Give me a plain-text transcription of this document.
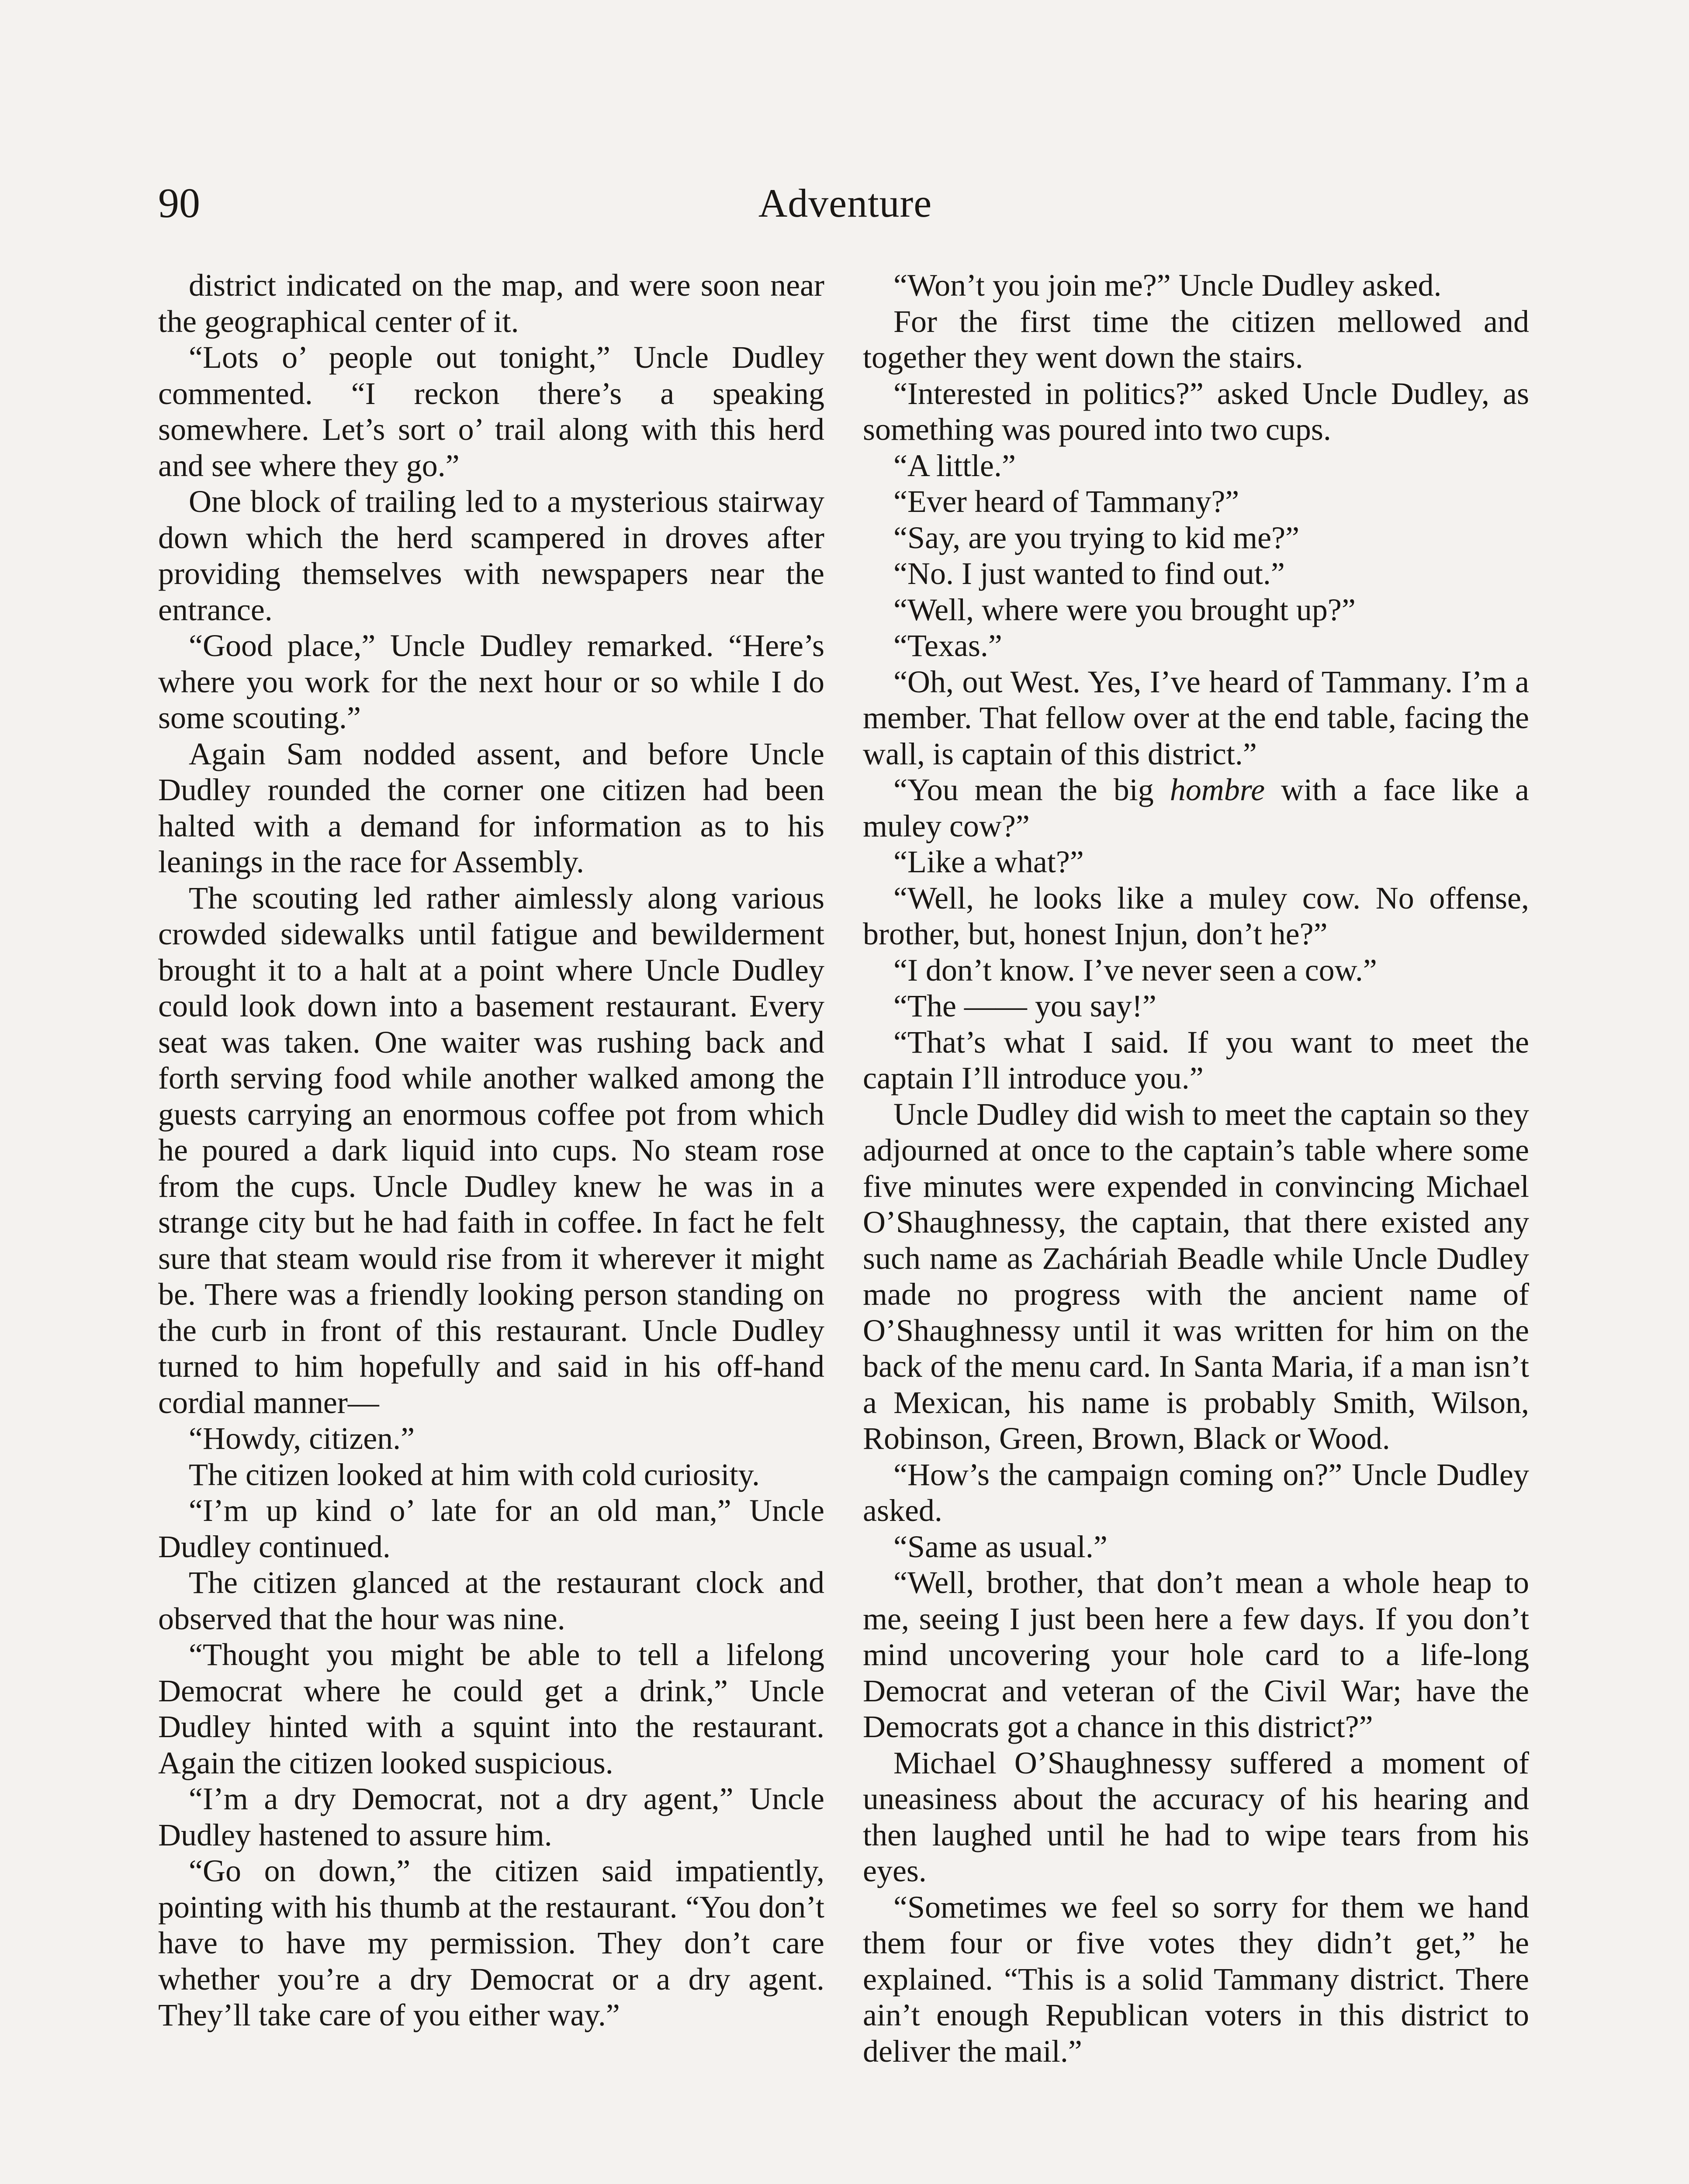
90	Adventure

district indicated on the map, and were soon near the geographical center of it.

“Lots o’ people out tonight,” Uncle Dudley commented. “I reckon there’s a speaking somewhere. Let’s sort o’ trail along with this herd and see where they go.”

One block of trailing led to a mysterious stairway down which the herd scampered in droves after providing themselves with newspapers near the entrance.

“Good place,” Uncle Dudley remarked. “Here’s where you work for the next hour or so while I do some scouting.”

Again Sam nodded assent, and before Uncle Dudley rounded the corner one citizen had been halted with a demand for information as to his leanings in the race for Assembly.

The scouting led rather aimlessly along various crowded sidewalks until fatigue and bewilderment brought it to a halt at a point where Uncle Dudley could look down into a basement restaurant. Every seat was taken. One waiter was rushing back and forth serving food while another walked among the guests carrying an enormous coffee pot from which he poured a dark liquid into cups. No steam rose from the cups. Uncle Dudley knew he was in a strange city but he had faith in coffee. In fact he felt sure that steam would rise from it wherever it might be. There was a friendly looking person standing on the curb in front of this restaurant. Uncle Dudley turned to him hopefully and said in his off-hand cordial manner—

“Howdy, citizen.”

The citizen looked at him with cold curiosity.

“I’m up kind o’ late for an old man,” Uncle Dudley continued.

The citizen glanced at the restaurant clock and observed that the hour was nine.

“Thought you might be able to tell a lifelong Democrat where he could get a drink,” Uncle Dudley hinted with a squint into the restaurant. Again the citizen looked suspicious.

“I’m a dry Democrat, not a dry agent,” Uncle Dudley hastened to assure him.

“Go on down,” the citizen said impatiently, pointing with his thumb at the restaurant. “You don’t have to have my permission. They don’t care whether you’re a dry Democrat or a dry agent. They’ll take care of you either way.”

“Won’t you join me?” Uncle Dudley asked.

For the first time the citizen mellowed and together they went down the stairs.

“Interested in politics?” asked Uncle Dudley, as something was poured into two cups.

“A little.”

“Ever heard of Tammany?”

“Say, are you trying to kid me?”

“No. I just wanted to find out.”

“Well, where were you brought up?”

“Texas.”

“Oh, out West. Yes, I’ve heard of Tammany. I’m a member. That fellow over at the end table, facing the wall, is captain of this district.”

“You mean the big hombre with a face like a muley cow?”

“Like a what?”

“Well, he looks like a muley cow. No offense, brother, but, honest Injun, don’t he?”

“I don’t know. I’ve never seen a cow.”

“The —— you say!”

“That’s what I said. If you want to meet the captain I’ll introduce you.”

Uncle Dudley did wish to meet the captain so they adjourned at once to the captain’s table where some five minutes were expended in convincing Michael O’Shaughnessy, the captain, that there existed any such name as Zacháriah Beadle while Uncle Dudley made no progress with the ancient name of O’Shaughnessy until it was written for him on the back of the menu card. In Santa Maria, if a man isn’t a Mexican, his name is probably Smith, Wilson, Robinson, Green, Brown, Black or Wood.

“How’s the campaign coming on?” Uncle Dudley asked.

“Same as usual.”

“Well, brother, that don’t mean a whole heap to me, seeing I just been here a few days. If you don’t mind uncovering your hole card to a life-long Democrat and veteran of the Civil War; have the Democrats got a chance in this district?”

Michael O’Shaughnessy suffered a moment of uneasiness about the accuracy of his hearing and then laughed until he had to wipe tears from his eyes.

“Sometimes we feel so sorry for them we hand them four or five votes they didn’t get,” he explained. “This is a solid Tammany district. There ain’t enough Republican voters in this district to deliver the mail.”
